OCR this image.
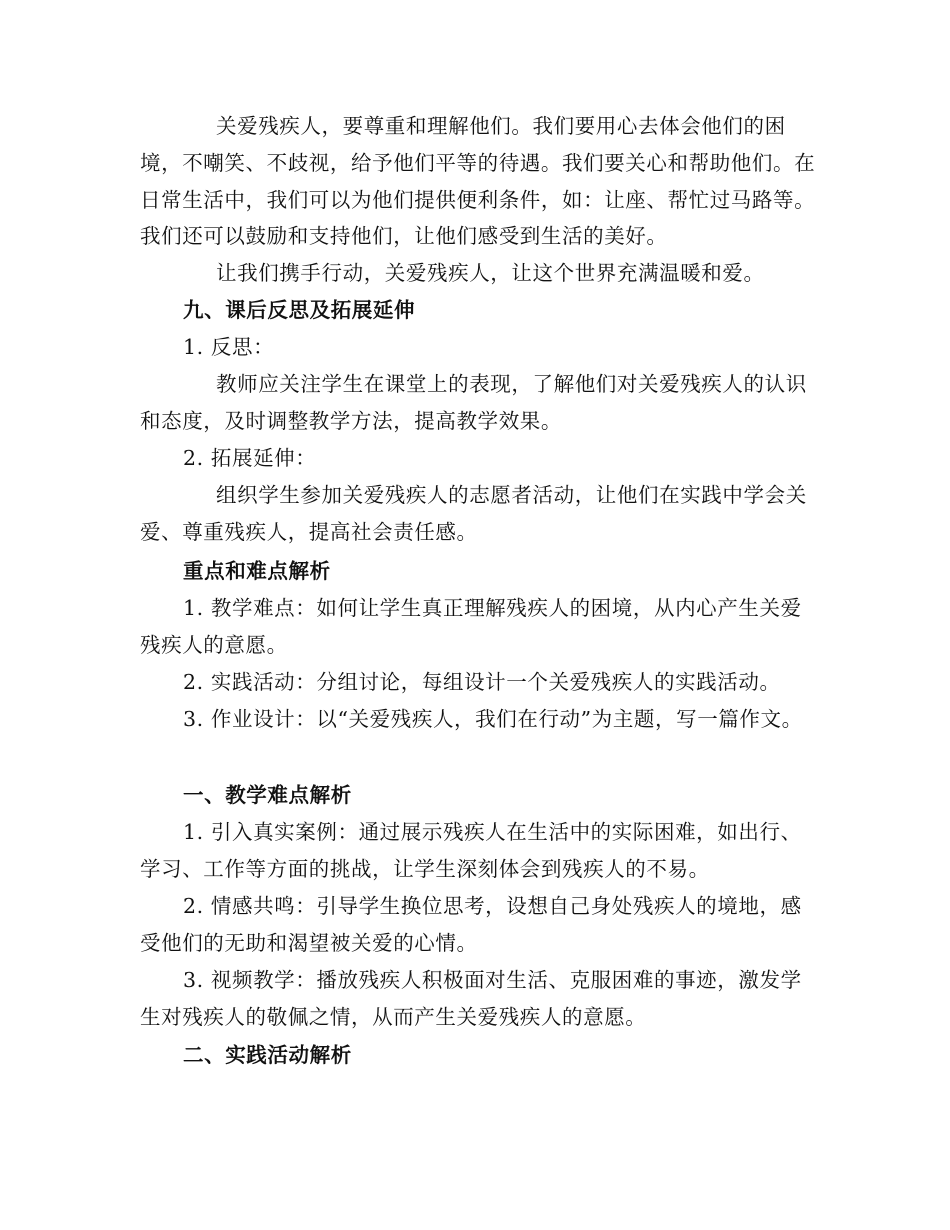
关爱残疾人，要尊重和理解他们。我们要用心去体会他们的困境，不嘲笑、不歧视，给予他们平等的待遇。我们要关心和帮助他们。在日常生活中，我们可以为他们提供便利条件，如：让座、帮忙过马路等。我们还可以鼓励和支持他们，让他们感受到生活的美好。

让我们携手行动，关爱残疾人，让这个世界充满温暖和爱。

九、课后反思及拓展延伸
1. 反思：

教师应关注学生在课堂上的表现，了解他们对关爱残疾人的认识和态度，及时调整教学方法，提高教学效果。

2. 拓展延伸：

组织学生参加关爱残疾人的志愿者活动，让他们在实践中学会关爱、尊重残疾人，提高社会责任感。

重点和难点解析

1. 教学难点：如何让学生真正理解残疾人的困境，从内心产生关爱残疾人的意愿。

2. 实践活动：分组讨论，每组设计一个关爱残疾人的实践活动。

3. 作业设计：以“关爱残疾人，我们在行动”为主题，写一篇作文。

一、教学难点解析

1. 引入真实案例：通过展示残疾人在生活中的实际困难，如出行、学习、工作等方面的挑战，让学生深刻体会到残疾人的不易。

2. 情感共鸣：引导学生换位思考，设想自己身处残疾人的境地，感受他们的无助和渴望被关爱的心情。

3. 视频教学：播放残疾人积极面对生活、克服困难的事迹，激发学生对残疾人的敬佩之情，从而产生关爱残疾人的意愿。

二、实践活动解析
